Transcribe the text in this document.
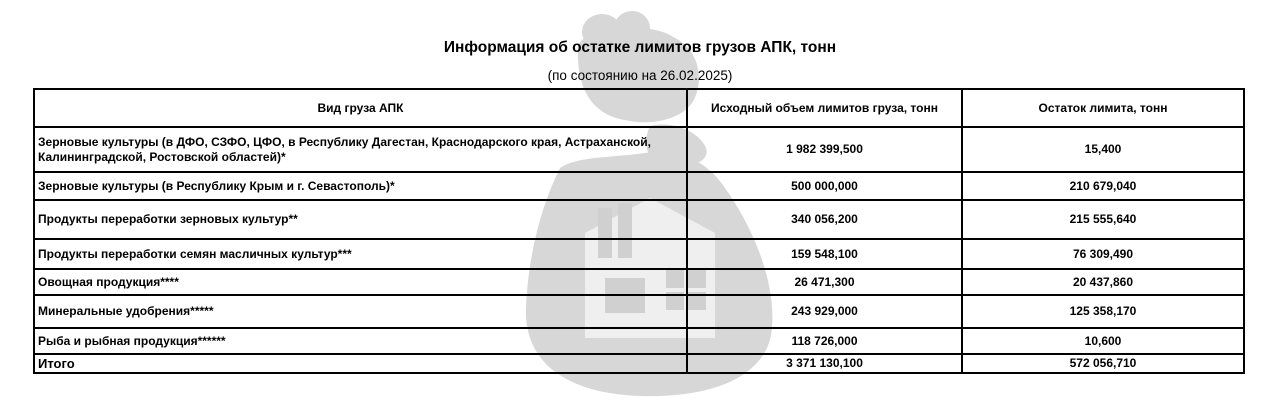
Информация об остатке лимитов грузов АПК, тонн
(по состоянию на 26.02.2025)
Вид груза АПК	Исходный объем лимитов груза, тонн	Остаток лимита, тонн
Зерновые культуры (в ДФО, СЗФО, ЦФО, в Республику Дагестан, Краснодарского края, Астраханской, Калининградской, Ростовской областей)*	1 982 399,500	15,400
Зерновые культуры (в Республику Крым и г. Севастополь)*	500 000,000	210 679,040
Продукты переработки зерновых культур**	340 056,200	215 555,640
Продукты переработки семян масличных культур***	159 548,100	76 309,490
Овощная продукция****	26 471,300	20 437,860
Минеральные удобрения*****	243 929,000	125 358,170
Рыба и рыбная продукция******	118 726,000	10,600
Итого	3 371 130,100	572 056,710
